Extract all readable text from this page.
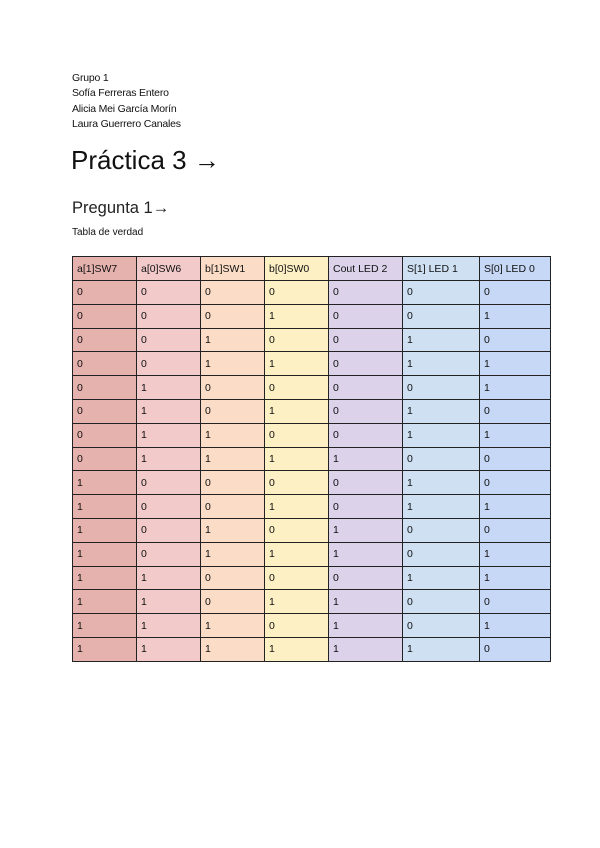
Grupo 1
Sofía Ferreras Entero
Alicia Mei García Morín
Laura Guerrero Canales
Práctica 3 →
Pregunta 1→
Tabla de verdad
a[1]SW7	a[0]SW6	b[1]SW1	b[0]SW0	Cout LED 2	S[1] LED 1	S[0] LED 0
0	0	0	0	0	0	0
0	0	0	1	0	0	1
0	0	1	0	0	1	0
0	0	1	1	0	1	1
0	1	0	0	0	0	1
0	1	0	1	0	1	0
0	1	1	0	0	1	1
0	1	1	1	1	0	0
1	0	0	0	0	1	0
1	0	0	1	0	1	1
1	0	1	0	1	0	0
1	0	1	1	1	0	1
1	1	0	0	0	1	1
1	1	0	1	1	0	0
1	1	1	0	1	0	1
1	1	1	1	1	1	0
